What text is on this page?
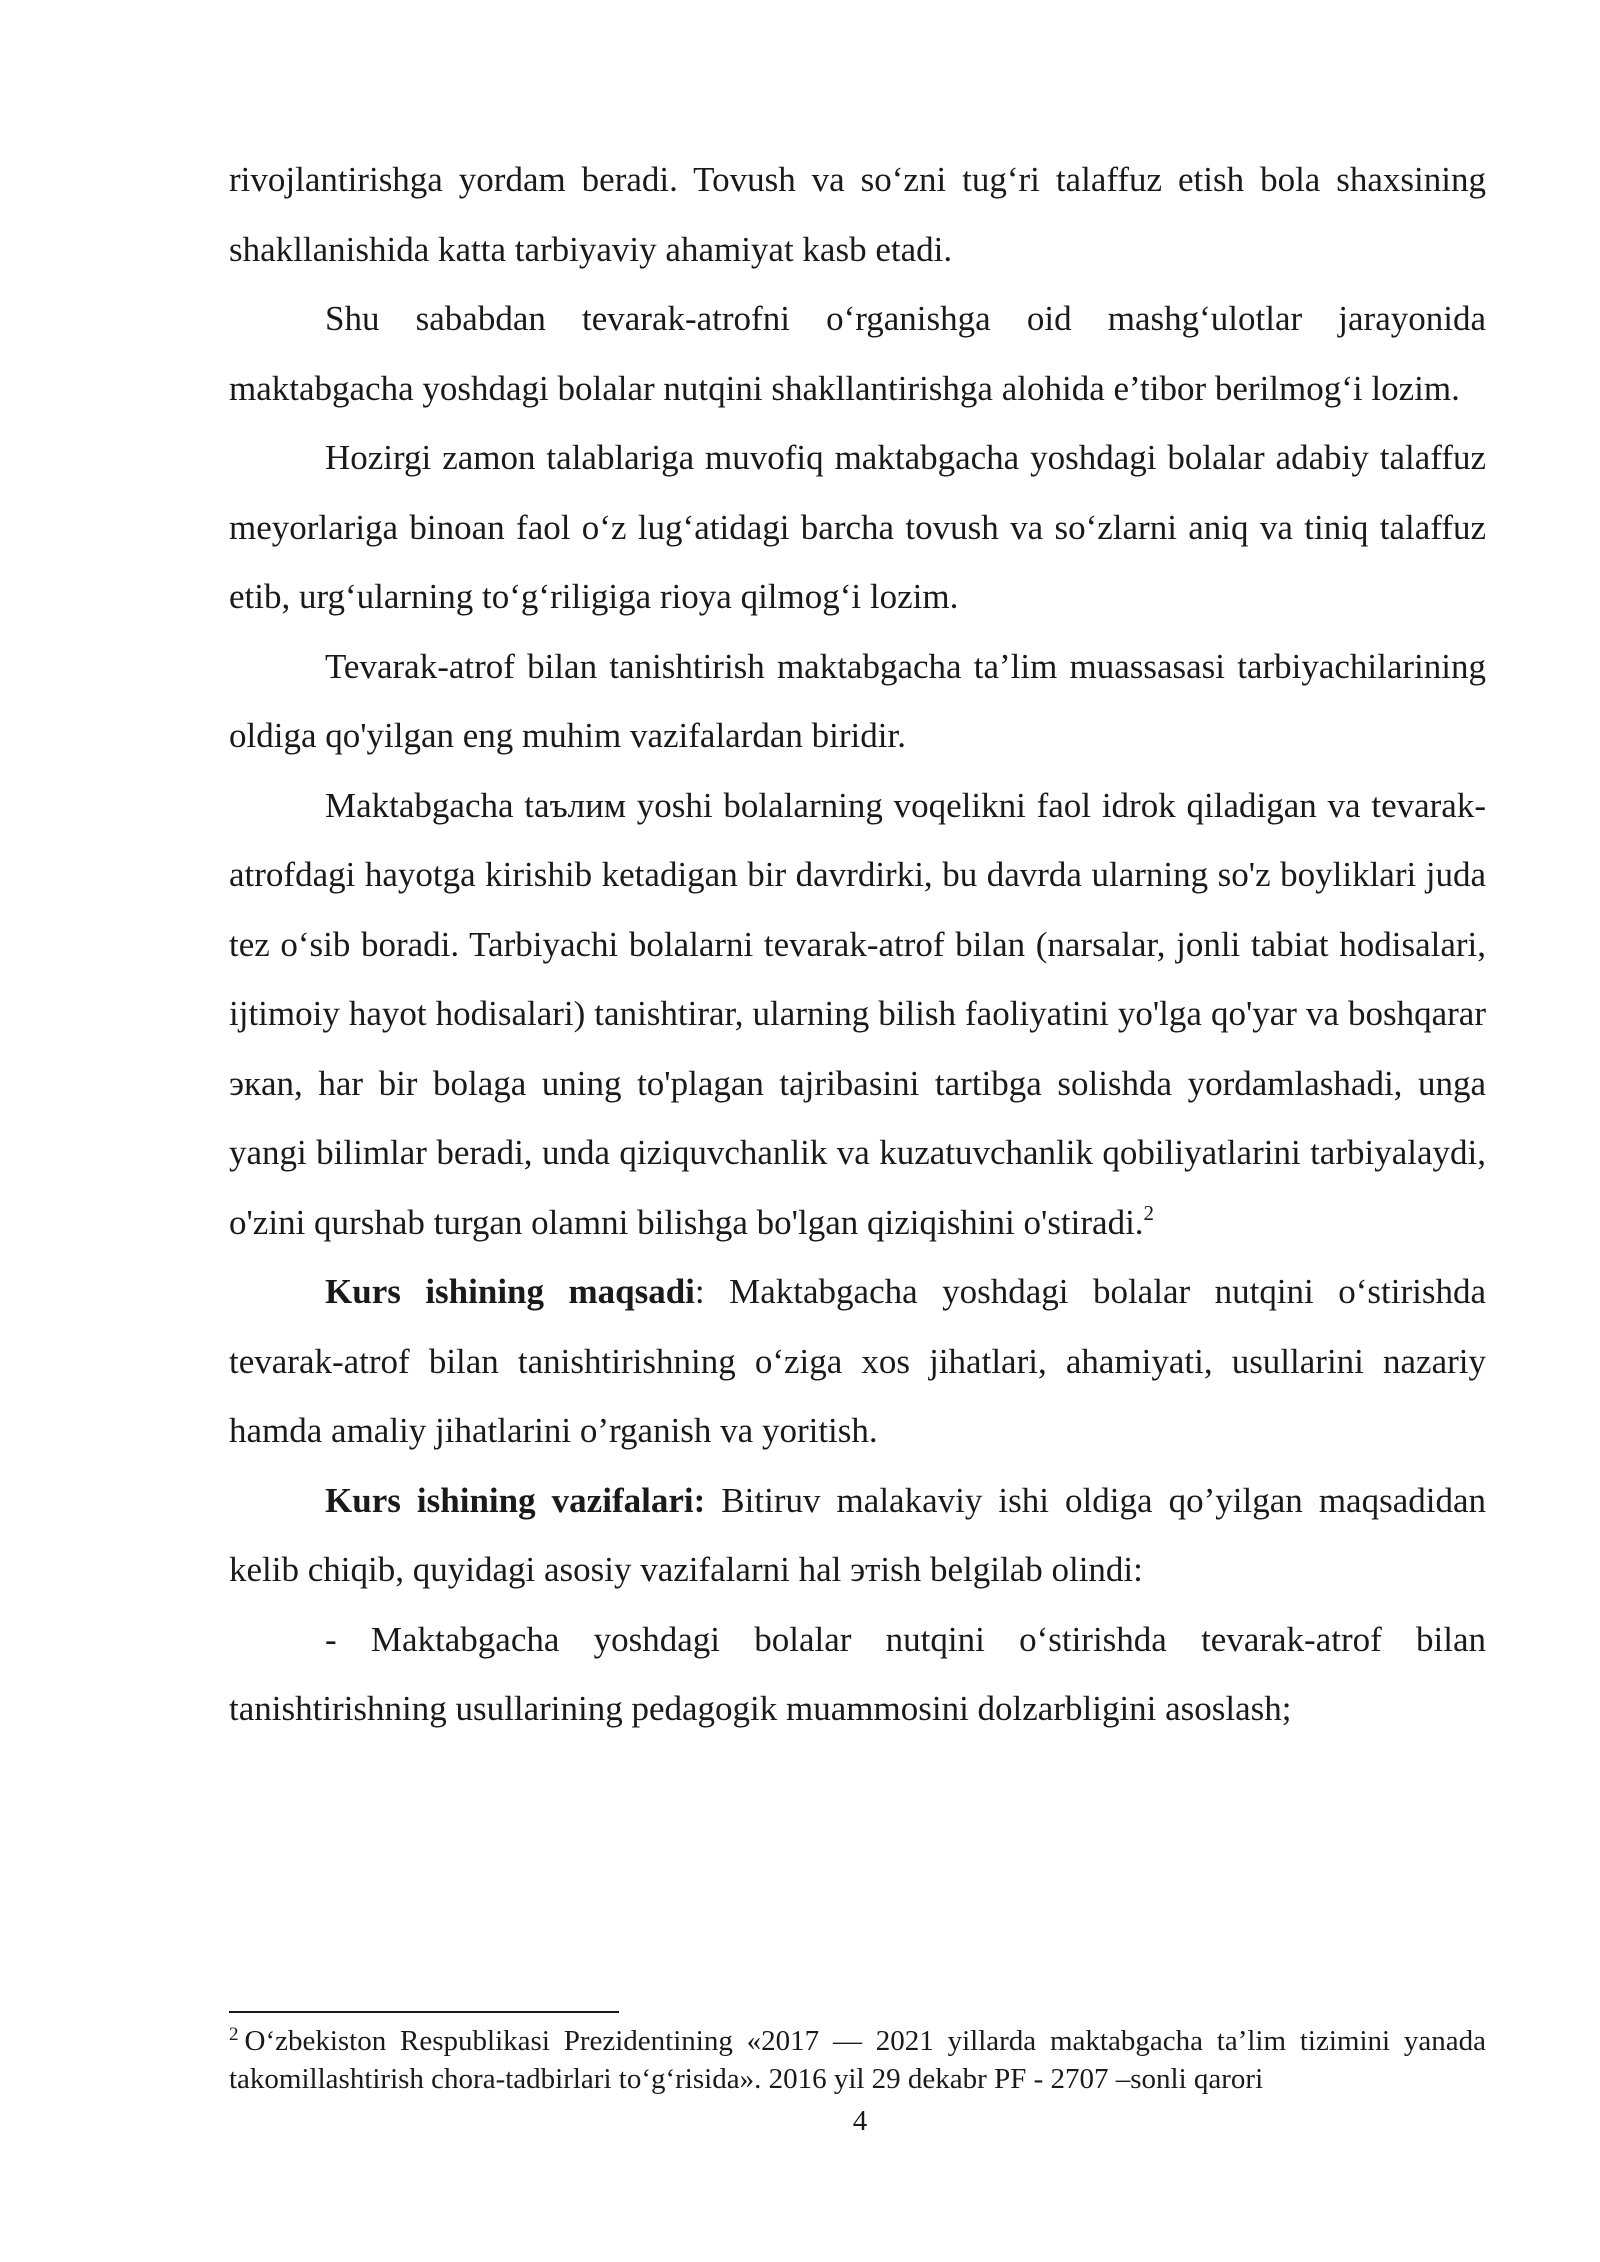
rivojlantirishga yordam beradi. Tovush va so‘zni tug‘ri talaffuz etish bola shaxsining shakllanishida katta tarbiyaviy ahamiyat kasb etadi.

Shu sababdan tevarak-atrofni o‘rganishga oid mashg‘ulotlar jarayonida maktabgacha yoshdagi bolalar nutqini shakllantirishga alohida e’tibor berilmog‘i lozim.

Hozirgi zamon talablariga muvofiq maktabgacha yoshdagi bolalar adabiy talaffuz meyorlariga binoan faol o‘z lug‘atidagi barcha tovush va so‘zlarni aniq va tiniq talaffuz etib, urg‘ularning to‘g‘riligiga rioya qilmog‘i lozim.

Tevarak-atrof bilan tanishtirish maktabgacha ta’lim muassasasi tarbiyachilarining oldiga qo'yilgan eng muhim vazifalardan biridir.

Maktabgacha taълим yoshi bolalarning voqelikni faol idrok qiladigan va tevarak-atrofdagi hayotga kirishib ketadigan bir davrdirki, bu davrda ularning so'z boyliklari juda tez o‘sib boradi. Tarbiyachi bolalarni tevarak-atrof bilan (narsalar, jonli tabiat hodisalari, ijtimoiy hayot hodisalari) tanishtirar, ularning bilish faoliyatini yo'lga qo'yar va boshqarar экan, har bir bolaga uning to'plagan tajribasini tartibga solishda yordamlashadi, unga yangi bilimlar beradi, unda qiziquvchanlik va kuzatuvchanlik qobiliyatlarini tarbiyalaydi, o'zini qurshab turgan olamni bilishga bo'lgan qiziqishini o'stiradi.$^2$

Kurs ishining maqsadi: Maktabgacha yoshdagi bolalar nutqini o‘stirishda tevarak-atrof bilan tanishtirishning o‘ziga xos jihatlari, ahamiyati, usullarini nazariy hamda amaliy jihatlarini o’rganish va yoritish.

Kurs ishining vazifalari: Bitiruv malakaviy ishi oldiga qo’yilgan maqsadidan kelib chiqib, quyidagi asosiy vazifalarni hal этish belgilab olindi:

- Maktabgacha yoshdagi bolalar nutqini o‘stirishda tevarak-atrof bilan tanishtirishning usullarining pedagogik muammosini dolzarbligini asoslash;

$^2$ O‘zbekiston Respublikasi Prezidentining «2017 — 2021 yillarda maktabgacha ta’lim tizimini yanada takomillashtirish chora-tadbirlari to‘g‘risida». 2016 yil 29 dekabr PF - 2707 –sonli qarori
4
